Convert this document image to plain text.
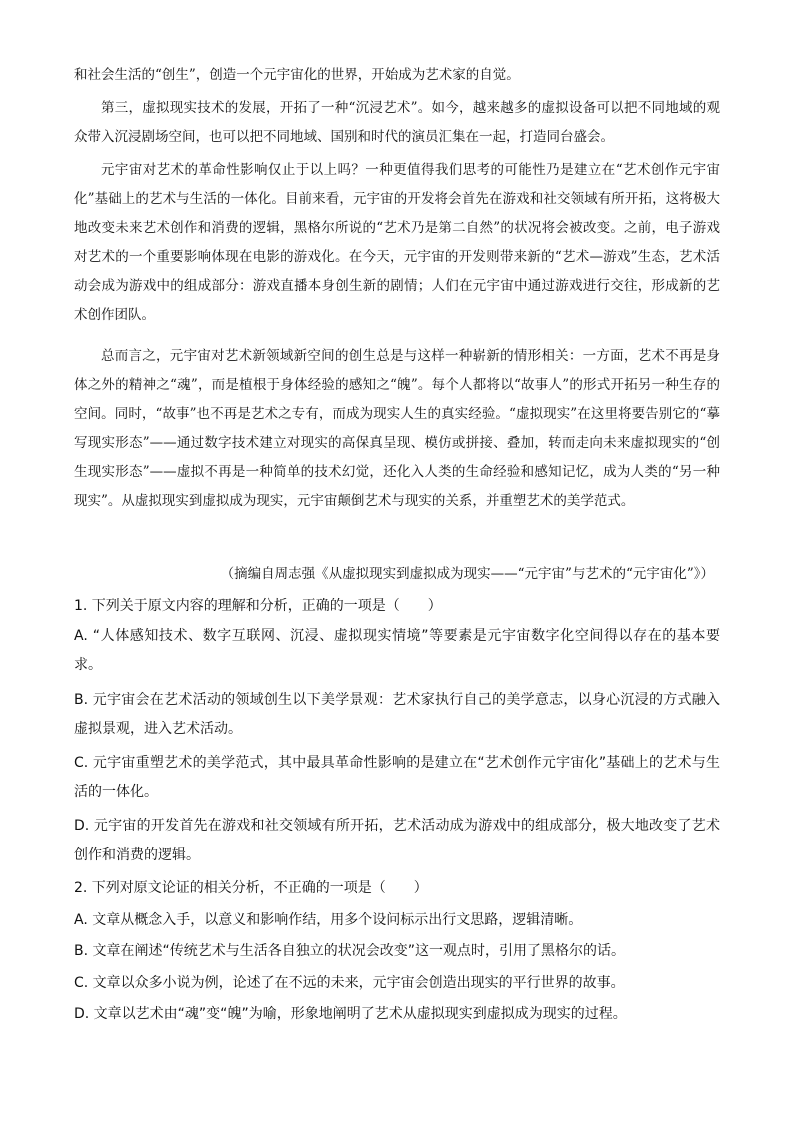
和社会生活的“创生”，创造一个元宇宙化的世界，开始成为艺术家的自觉。

第三，虚拟现实技术的发展，开拓了一种“沉浸艺术”。如今，越来越多的虚拟设备可以把不同地域的观众带入沉浸剧场空间，也可以把不同地域、国别和时代的演员汇集在一起，打造同台盛会。

元宇宙对艺术的革命性影响仅止于以上吗？一种更值得我们思考的可能性乃是建立在“艺术创作元宇宙化”基础上的艺术与生活的一体化。目前来看，元宇宙的开发将会首先在游戏和社交领域有所开拓，这将极大地改变未来艺术创作和消费的逻辑，黑格尔所说的“艺术乃是第二自然”的状况将会被改变。之前，电子游戏对艺术的一个重要影响体现在电影的游戏化。在今天，元宇宙的开发则带来新的“艺术—游戏”生态，艺术活动会成为游戏中的组成部分：游戏直播本身创生新的剧情；人们在元宇宙中通过游戏进行交往，形成新的艺术创作团队。

总而言之，元宇宙对艺术新领域新空间的创生总是与这样一种崭新的情形相关：一方面，艺术不再是身体之外的精神之“魂”，而是植根于身体经验的感知之“魄”。每个人都将以“故事人”的形式开拓另一种生存的空间。同时，“故事”也不再是艺术之专有，而成为现实人生的真实经验。“虚拟现实”在这里将要告别它的“摹写现实形态”——通过数字技术建立对现实的高保真呈现、模仿或拼接、叠加，转而走向未来虚拟现实的“创生现实形态”——虚拟不再是一种简单的技术幻觉，还化入人类的生命经验和感知记忆，成为人类的“另一种现实”。从虚拟现实到虚拟成为现实，元宇宙颠倒艺术与现实的关系，并重塑艺术的美学范式。

（摘编自周志强《从虚拟现实到虚拟成为现实——“元宇宙”与艺术的“元宇宙化”》）

1. 下列关于原文内容的理解和分析，正确的一项是（　　）

A. “人体感知技术、数字互联网、沉浸、虚拟现实情境”等要素是元宇宙数字化空间得以存在的基本要求。

B. 元宇宙会在艺术活动的领域创生以下美学景观：艺术家执行自己的美学意志，以身心沉浸的方式融入虚拟景观，进入艺术活动。

C. 元宇宙重塑艺术的美学范式，其中最具革命性影响的是建立在“艺术创作元宇宙化”基础上的艺术与生活的一体化。

D. 元宇宙的开发首先在游戏和社交领域有所开拓，艺术活动成为游戏中的组成部分，极大地改变了艺术创作和消费的逻辑。

2. 下列对原文论证的相关分析，不正确的一项是（　　）

A. 文章从概念入手，以意义和影响作结，用多个设问标示出行文思路，逻辑清晰。

B. 文章在阐述“传统艺术与生活各自独立的状况会改变”这一观点时，引用了黑格尔的话。

C. 文章以众多小说为例，论述了在不远的未来，元宇宙会创造出现实的平行世界的故事。

D. 文章以艺术由“魂”变“魄”为喻，形象地阐明了艺术从虚拟现实到虚拟成为现实的过程。
